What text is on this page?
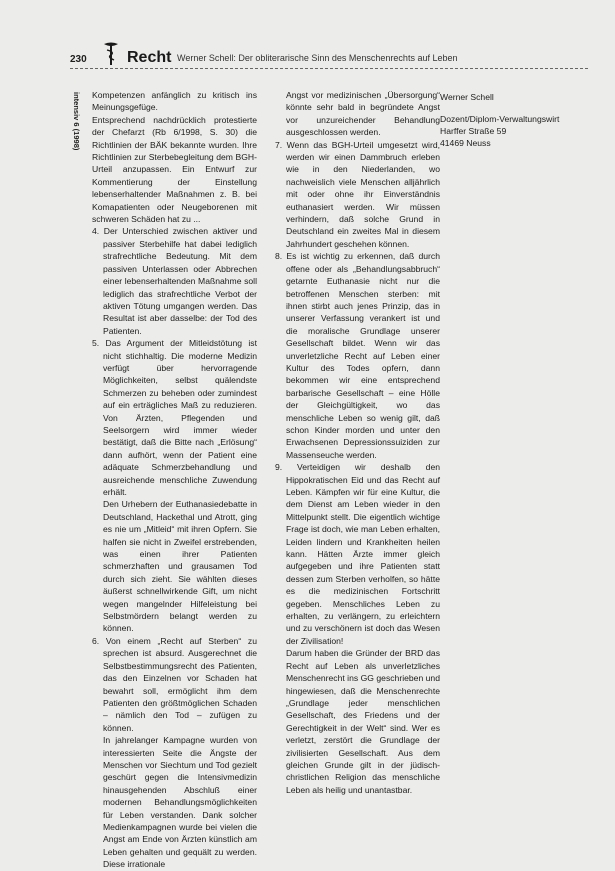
230	Recht Werner Schell: Der obliterarische Sinn des Menschenrechts auf Leben
intensiv 6 (1998) Kompetenzen anfänglich zu kritisch ins Meinungsgefüge.

Entsprechend nachdrücklich protestierte der Chefarzt (Rb 6/1998, S. 30) die Richtlinien der BÄK bekannte wurden. Ihre Richtlinien zur Sterbebegleitung dem BGH-Urteil anzupassen. Ein Entwurf zur Kommentierung der Einstellung lebenserhaltender Maßnahmen z. B. bei Komapatienten oder Neugeborenen mit schweren Schäden hat zu ...

4. Der Unterschied zwischen aktiver und passiver Sterbehilfe hat dabei lediglich strafrechtliche Bedeutung. Mit dem passiven Unterlassen oder Abbrechen einer lebenserhaltenden Maßnahme soll lediglich das strafrechtliche Verbot der aktiven Tötung umgangen werden. Das Resultat ist aber dasselbe: der Tod des Patienten.

5. Das Argument der Mitleidstötung ist nicht stichhaltig. Die moderne Medizin verfügt über hervorragende Möglichkeiten, selbst quälendste Schmerzen zu beheben oder zumindest auf ein erträgliches Maß zu reduzieren. Von Ärzten, Pflegenden und Seelsorgern wird immer wieder bestätigt, daß die Bitte nach „Erlösung“ dann aufhört, wenn der Patient eine adäquate Schmerzbehandlung und ausreichende menschliche Zuwendung erhält.

Den Urhebern der Euthanasiedebatte in Deutschland, Hackethal und Atrott, ging es nie um „Mitleid“ mit ihren Opfern. Sie halfen sie nicht in Zweifel erstrebenden, was einen ihrer Patienten schmerzhaften und grausamen Tod durch sich zieht. Sie wählten dieses äußerst schnellwirkende Gift, um nicht wegen mangelnder Hilfeleistung bei Selbstmördern belangt werden zu können.

6. Von einem „Recht auf Sterben“ zu sprechen ist absurd. Ausgerechnet die Selbstbestimmungsrecht des Patienten, das den Einzelnen vor Schaden hat bewahrt soll, ermöglicht ihm dem Patienten den größtmöglichen Schaden – nämlich den Tod – zufügen zu können.

In jahrelanger Kampagne wurden von interessierten Seite die Ängste der Menschen vor Siechtum und Tod gezielt geschürt gegen die Intensivmedizin hinausgehenden Abschluß einer modernen Behandlungsmöglichkeiten für Leben verstanden. Dank solcher Medienkampagnen wurde bei vielen die Angst am Ende von Ärzten künstlich am Leben gehalten und gequält zu werden. Diese irrationale

Angst vor medizinischen „Übersorgung“ könnte sehr bald in begründete Angst vor unzureichender Behandlung ausgeschlossen werden.

7. Wenn das BGH-Urteil umgesetzt wird, werden wir einen Dammbruch erleben wie in den Niederlanden, wo nachweislich viele Menschen alljährlich mit oder ohne ihr Einverständnis euthanasiert werden. Wir müssen verhindern, daß solche Grund in Deutschland ein zweites Mal in diesem Jahrhundert geschehen können.

8. Es ist wichtig zu erkennen, daß durch offene oder als „Behandlungsabbruch“ getarnte Euthanasie nicht nur die betroffenen Menschen sterben: mit ihnen stirbt auch jenes Prinzip, das in unserer Verfassung verankert ist und die moralische Grundlage unserer Gesellschaft bildet. Wenn wir das unverletzliche Recht auf Leben einer Kultur des Todes opfern, dann bekommen wir eine entsprechend barbarische Gesellschaft – eine Hölle der Gleichgültigkeit, wo das menschliche Leben so wenig gilt, daß schon Kinder morden und unter den Erwachsenen Depressionssuiziden zur Massenseuche werden.

9. Verteidigen wir deshalb den Hippokratischen Eid und das Recht auf Leben. Kämpfen wir für eine Kultur, die dem Dienst am Leben wieder in den Mittelpunkt stellt. Die eigentlich wichtige Frage ist doch, wie man Leben erhalten, Leiden lindern und Krankheiten heilen kann. Hätten Ärzte immer gleich aufgegeben und ihre Patienten statt dessen zum Sterben verholfen, so hätte es die medizinischen Fortschritt gegeben. Menschliches Leben zu erhalten, zu verlängern, zu erleichtern und zu verschönern ist doch das Wesen der Zivilisation!

Darum haben die Gründer der BRD das Recht auf Leben als unverletzliches Menschenrecht ins GG geschrieben und hingewiesen, daß die Menschenrechte „Grundlage jeder menschlichen Gesellschaft, des Friedens und der Gerechtigkeit in der Welt“ sind. Wer es verletzt, zerstört die Grundlage der zivilisierten Gesellschaft. Aus dem gleichen Grunde gilt in der jüdisch-christlichen Religion das menschliche Leben als heilig und unantastbar.

Werner Schell
Dozent/Diplom-Verwaltungswirt
Harffer Straße 59
41469 Neuss
